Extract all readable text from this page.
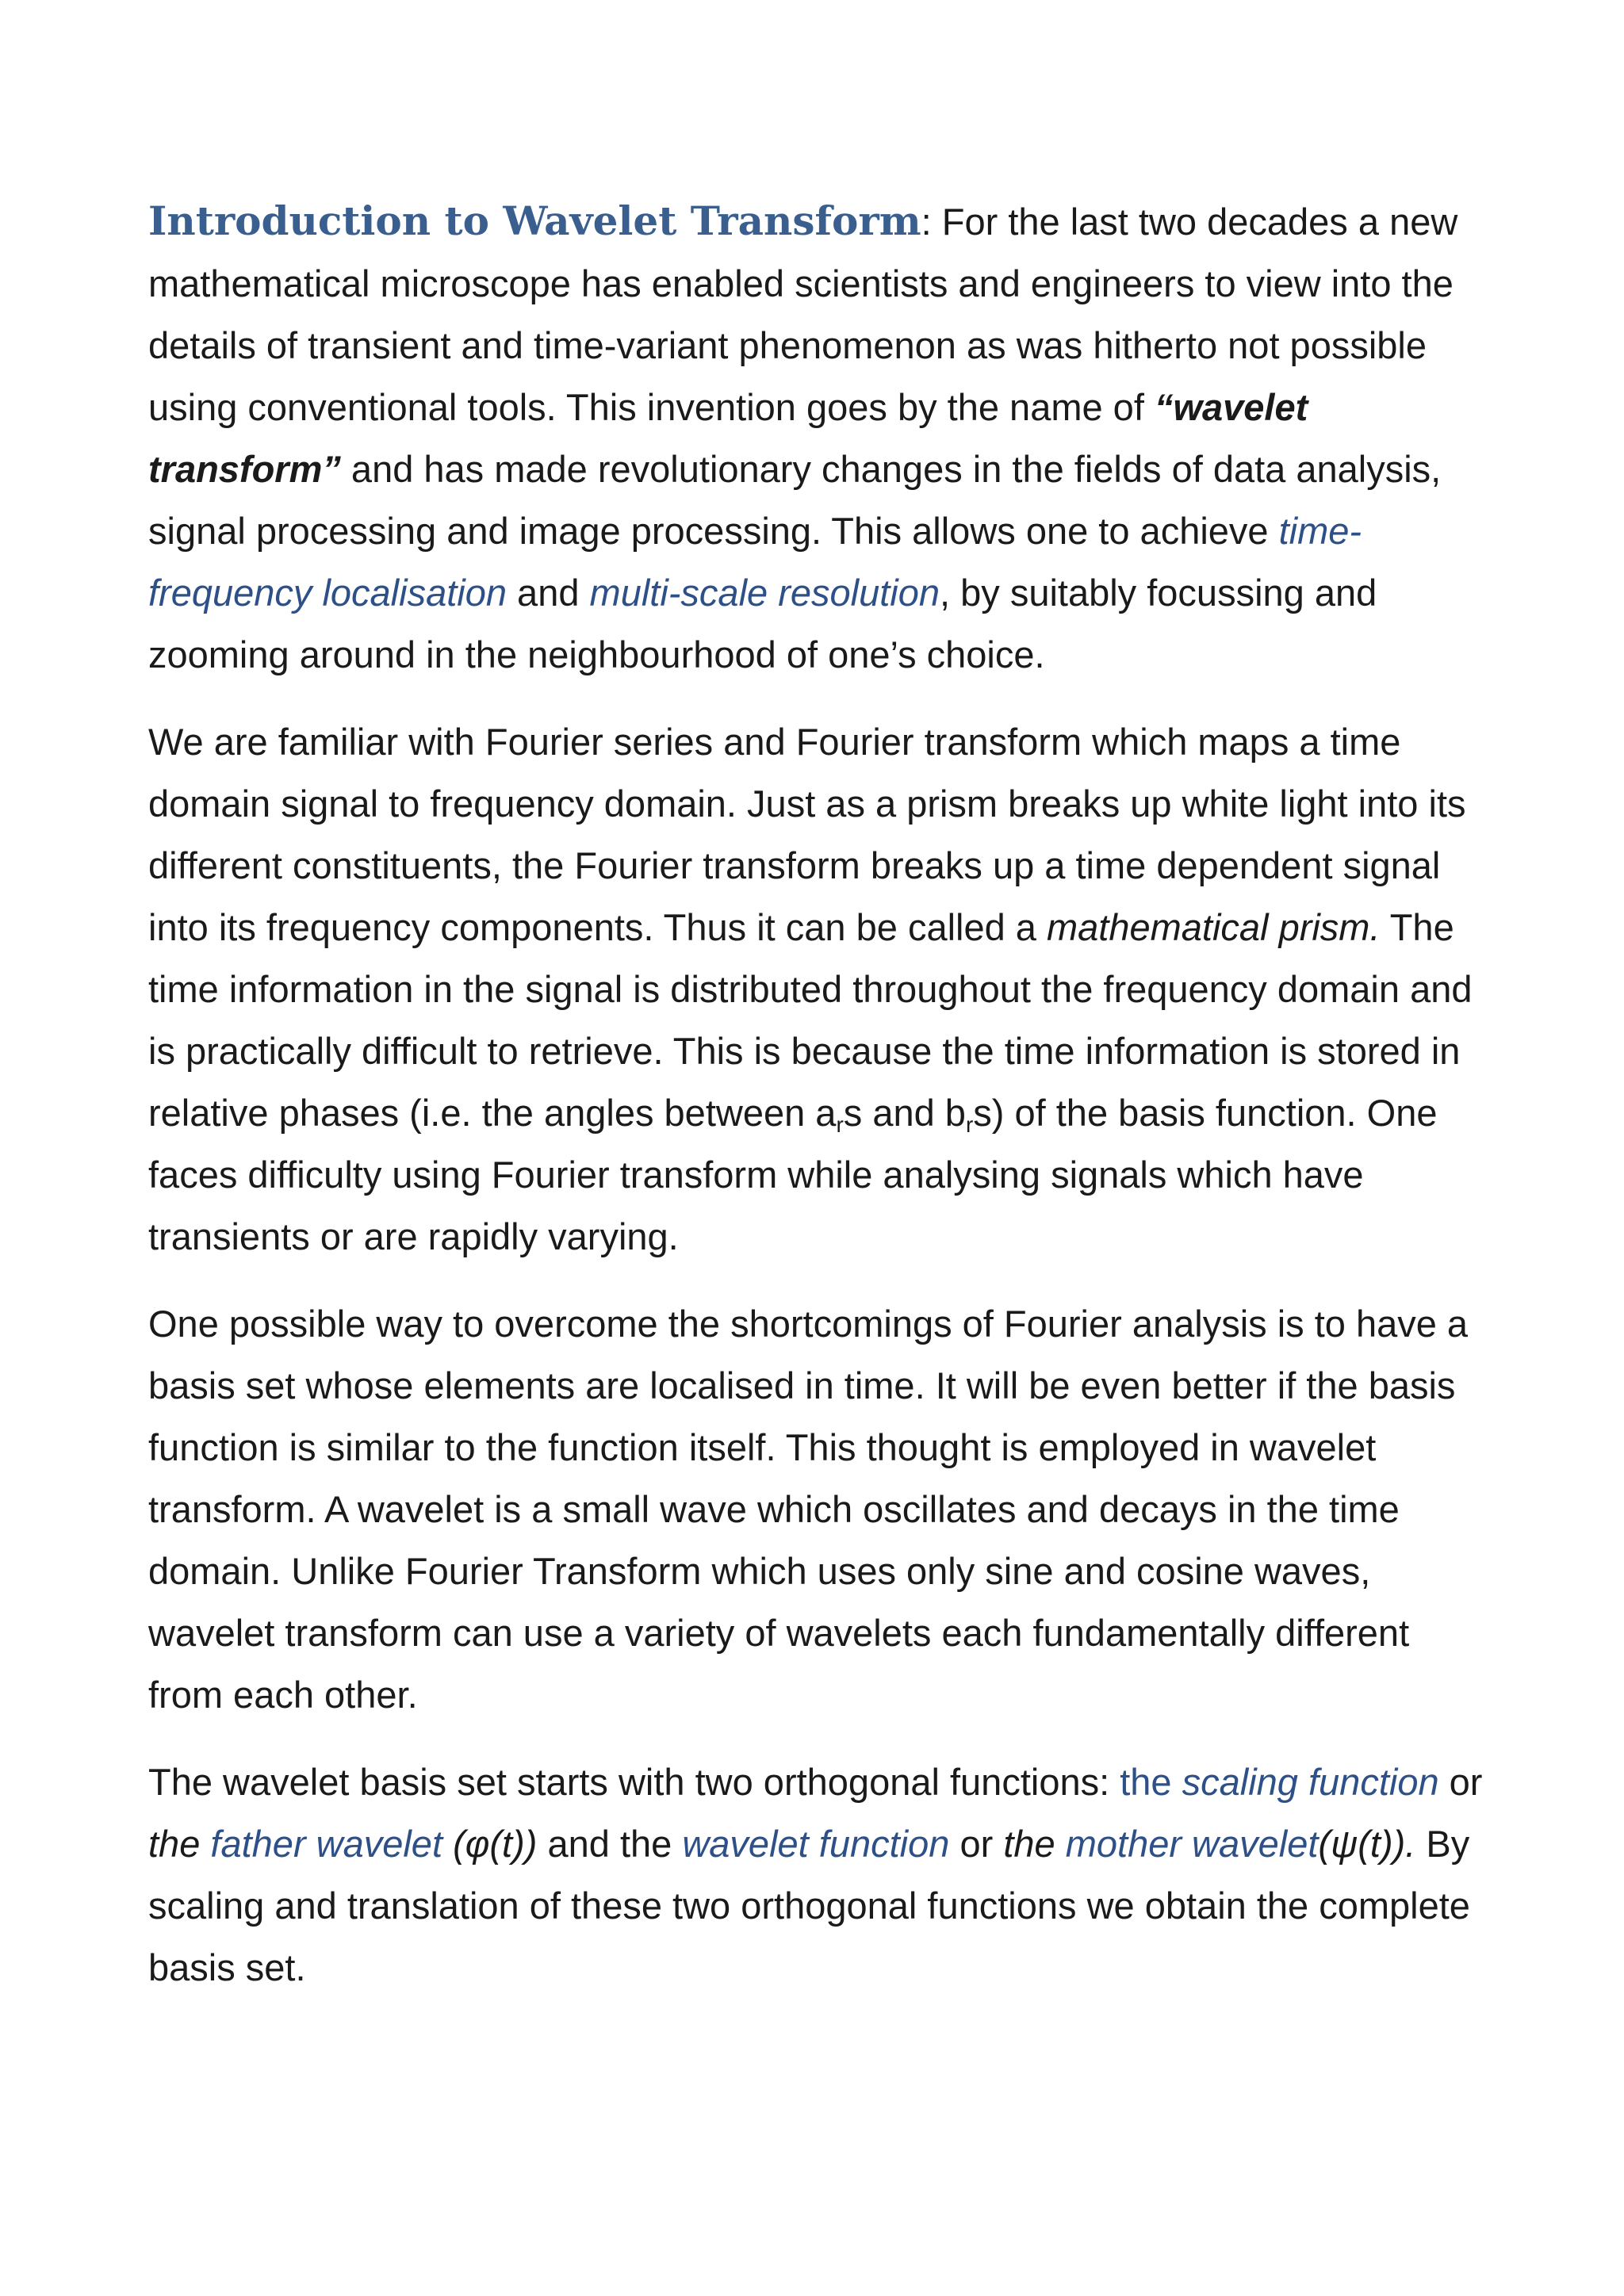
Introduction to Wavelet Transform: For the last two decades a new mathematical microscope has enabled scientists and engineers to view into the details of transient and time-variant phenomenon as was hitherto not possible using conventional tools. This invention goes by the name of “wavelet transform” and has made revolutionary changes in the fields of data analysis, signal processing and image processing. This allows one to achieve time-frequency localisation and multi-scale resolution, by suitably focussing and zooming around in the neighbourhood of one’s choice.

We are familiar with Fourier series and Fourier transform which maps a time domain signal to frequency domain. Just as a prism breaks up white light into its different constituents, the Fourier transform breaks up a time dependent signal into its frequency components. Thus it can be called a mathematical prism. The time information in the signal is distributed throughout the frequency domain and is practically difficult to retrieve. This is because the time information is stored in relative phases (i.e. the angles between $a_rs$ and $b_rs$) of the basis function. One faces difficulty using Fourier transform while analysing signals which have transients or are rapidly varying.

One possible way to overcome the shortcomings of Fourier analysis is to have a basis set whose elements are localised in time. It will be even better if the basis function is similar to the function itself. This thought is employed in wavelet transform. A wavelet is a small wave which oscillates and decays in the time domain. Unlike Fourier Transform which uses only sine and cosine waves, wavelet transform can use a variety of wavelets each fundamentally different from each other.

The wavelet basis set starts with two orthogonal functions: the scaling function or the father wavelet (φ(t)) and the wavelet function or the mother wavelet(ψ(t)). By scaling and translation of these two orthogonal functions we obtain the complete basis set.
